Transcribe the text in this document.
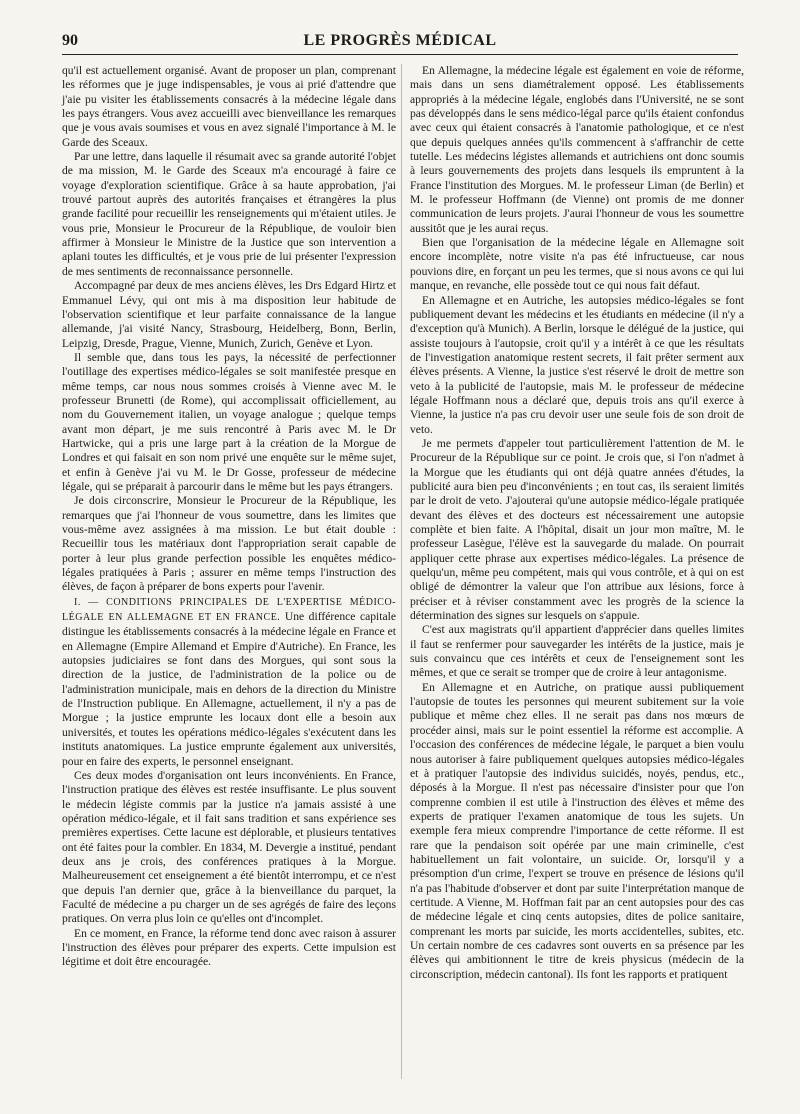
90	LE PROGRÈS MÉDICAL

qu'il est actuellement organisé. Avant de proposer un plan, comprenant les réformes que je juge indispensables, je vous ai prié d'attendre que j'aie pu visiter les établissements consacrés à la médecine légale dans les pays étrangers. Vous avez accueilli avec bienveillance les remarques que je vous avais soumises et vous en avez signalé l'importance à M. le Garde des Sceaux.

Par une lettre, dans laquelle il résumait avec sa grande autorité l'objet de ma mission, M. le Garde des Sceaux m'a encouragé à faire ce voyage d'exploration scientifique. Grâce à sa haute approbation, j'ai trouvé partout auprès des autorités françaises et étrangères la plus grande facilité pour recueillir les renseignements qui m'étaient utiles. Je vous prie, Monsieur le Procureur de la République, de vouloir bien affirmer à Monsieur le Ministre de la Justice que son intervention a aplani toutes les difficultés, et je vous prie de lui présenter l'expression de mes sentiments de reconnaissance personnelle.

Accompagné par deux de mes anciens élèves, les Drs Edgard Hirtz et Emmanuel Lévy, qui ont mis à ma disposition leur habitude de l'observation scientifique et leur parfaite connaissance de la langue allemande, j'ai visité Nancy, Strasbourg, Heidelberg, Bonn, Berlin, Leipzig, Dresde, Prague, Vienne, Munich, Zurich, Genève et Lyon.

Il semble que, dans tous les pays, la nécessité de perfectionner l'outillage des expertises médico-légales se soit manifestée presque en même temps, car nous nous sommes croisés à Vienne avec M. le professeur Brunetti (de Rome), qui accomplissait officiellement, au nom du Gouvernement italien, un voyage analogue ; quelque temps avant mon départ, je me suis rencontré à Paris avec M. le Dr Hartwicke, qui a pris une large part à la création de la Morgue de Londres et qui faisait en son nom privé une enquête sur le même sujet, et enfin à Genève j'ai vu M. le Dr Gosse, professeur de médecine légale, qui se préparait à parcourir dans le même but les pays étrangers.

Je dois circonscrire, Monsieur le Procureur de la République, les remarques que j'ai l'honneur de vous soumettre, dans les limites que vous-même avez assignées à ma mission. Le but était double : Recueillir tous les matériaux dont l'appropriation serait capable de porter à leur plus grande perfection possible les enquêtes médico-légales pratiquées à Paris ; assurer en même temps l'instruction des élèves, de façon à préparer de bons experts pour l'avenir.

I. — CONDITIONS PRINCIPALES DE L'EXPERTISE MÉDICO-LÉGALE EN ALLEMAGNE ET EN FRANCE. Une différence capitale distingue les établissements consacrés à la médecine légale en France et en Allemagne (Empire Allemand et Empire d'Autriche). En France, les autopsies judiciaires se font dans des Morgues, qui sont sous la direction de la justice, de l'administration de la police ou de l'administration municipale, mais en dehors de la direction du Ministre de l'Instruction publique. En Allemagne, actuellement, il n'y a pas de Morgue ; la justice emprunte les locaux dont elle a besoin aux universités, et toutes les opérations médico-légales s'exécutent dans les instituts anatomiques. La justice emprunte également aux universités, pour en faire des experts, le personnel enseignant.

Ces deux modes d'organisation ont leurs inconvénients. En France, l'instruction pratique des élèves est restée insuffisante. Le plus souvent le médecin légiste commis par la justice n'a jamais assisté à une opération médico-légale, et il fait sans tradition et sans expérience ses premières expertises. Cette lacune est déplorable, et plusieurs tentatives ont été faites pour la combler. En 1834, M. Devergie a institué, pendant deux ans je crois, des conférences pratiques à la Morgue. Malheureusement cet enseignement a été bientôt interrompu, et ce n'est que depuis l'an dernier que, grâce à la bienveillance du parquet, la Faculté de médecine a pu charger un de ses agrégés de faire des leçons pratiques. On verra plus loin ce qu'elles ont d'incomplet.

En ce moment, en France, la réforme tend donc avec raison à assurer l'instruction des élèves pour préparer des experts. Cette impulsion est légitime et doit être encouragée.

En Allemagne, la médecine légale est également en voie de réforme, mais dans un sens diamétralement opposé. Les établissements appropriés à la médecine légale, englobés dans l'Université, ne se sont pas développés dans le sens médico-légal parce qu'ils étaient confondus avec ceux qui étaient consacrés à l'anatomie pathologique, et ce n'est que depuis quelques années qu'ils commencent à s'affranchir de cette tutelle. Les médecins légistes allemands et autrichiens ont donc soumis à leurs gouvernements des projets dans lesquels ils empruntent à la France l'institution des Morgues. M. le professeur Liman (de Berlin) et M. le professeur Hoffmann (de Vienne) ont promis de me donner communication de leurs projets. J'aurai l'honneur de vous les soumettre aussitôt que je les aurai reçus.

Bien que l'organisation de la médecine légale en Allemagne soit encore incomplète, notre visite n'a pas été infructueuse, car nous pouvions dire, en forçant un peu les termes, que si nous avons ce qui lui manque, en revanche, elle possède tout ce qui nous fait défaut.

En Allemagne et en Autriche, les autopsies médico-légales se font publiquement devant les médecins et les étudiants en médecine (il n'y a d'exception qu'à Munich). A Berlin, lorsque le délégué de la justice, qui assiste toujours à l'autopsie, croit qu'il y a intérêt à ce que les résultats de l'investigation anatomique restent secrets, il fait prêter serment aux élèves présents. A Vienne, la justice s'est réservé le droit de mettre son veto à la publicité de l'autopsie, mais M. le professeur de médecine légale Hoffmann nous a déclaré que, depuis trois ans qu'il exerce à Vienne, la justice n'a pas cru devoir user une seule fois de son droit de veto.

Je me permets d'appeler tout particulièrement l'attention de M. le Procureur de la République sur ce point. Je crois que, si l'on n'admet à la Morgue que les étudiants qui ont déjà quatre années d'études, la publicité aura bien peu d'inconvénients ; en tout cas, ils seraient limités par le droit de veto. J'ajouterai qu'une autopsie médico-légale pratiquée devant des élèves et des docteurs est nécessairement une autopsie complète et bien faite. A l'hôpital, disait un jour mon maître, M. le professeur Lasègue, l'élève est la sauvegarde du malade. On pourrait appliquer cette phrase aux expertises médico-légales. La présence de quelqu'un, même peu compétent, mais qui vous contrôle, et à qui on est obligé de démontrer la valeur que l'on attribue aux lésions, force à préciser et à réviser constamment avec les progrès de la science la détermination des signes sur lesquels on s'appuie.

C'est aux magistrats qu'il appartient d'apprécier dans quelles limites il faut se renfermer pour sauvegarder les intérêts de la justice, mais je suis convaincu que ces intérêts et ceux de l'enseignement sont les mêmes, et que ce serait se tromper que de croire à leur antagonisme.

En Allemagne et en Autriche, on pratique aussi publiquement l'autopsie de toutes les personnes qui meurent subitement sur la voie publique et même chez elles. Il ne serait pas dans nos mœurs de procéder ainsi, mais sur le point essentiel la réforme est accomplie. A l'occasion des conférences de médecine légale, le parquet a bien voulu nous autoriser à faire publiquement quelques autopsies médico-légales et à pratiquer l'autopsie des individus suicidés, noyés, pendus, etc., déposés à la Morgue. Il n'est pas nécessaire d'insister pour que l'on comprenne combien il est utile à l'instruction des élèves et même des experts de pratiquer l'examen anatomique de tous les sujets. Un exemple fera mieux comprendre l'importance de cette réforme. Il est rare que la pendaison soit opérée par une main criminelle, c'est habituellement un fait volontaire, un suicide. Or, lorsqu'il y a présomption d'un crime, l'expert se trouve en présence de lésions qu'il n'a pas l'habitude d'observer et dont par suite l'interprétation manque de certitude. A Vienne, M. Hoffman fait par an cent autopsies pour des cas de médecine légale et cinq cents autopsies, dites de police sanitaire, comprenant les morts par suicide, les morts accidentelles, subites, etc. Un certain nombre de ces cadavres sont ouverts en sa présence par les élèves qui ambitionnent le titre de kreis physicus (médecin de la circonscription, médecin cantonal). Ils font les rapports et pratiquent
